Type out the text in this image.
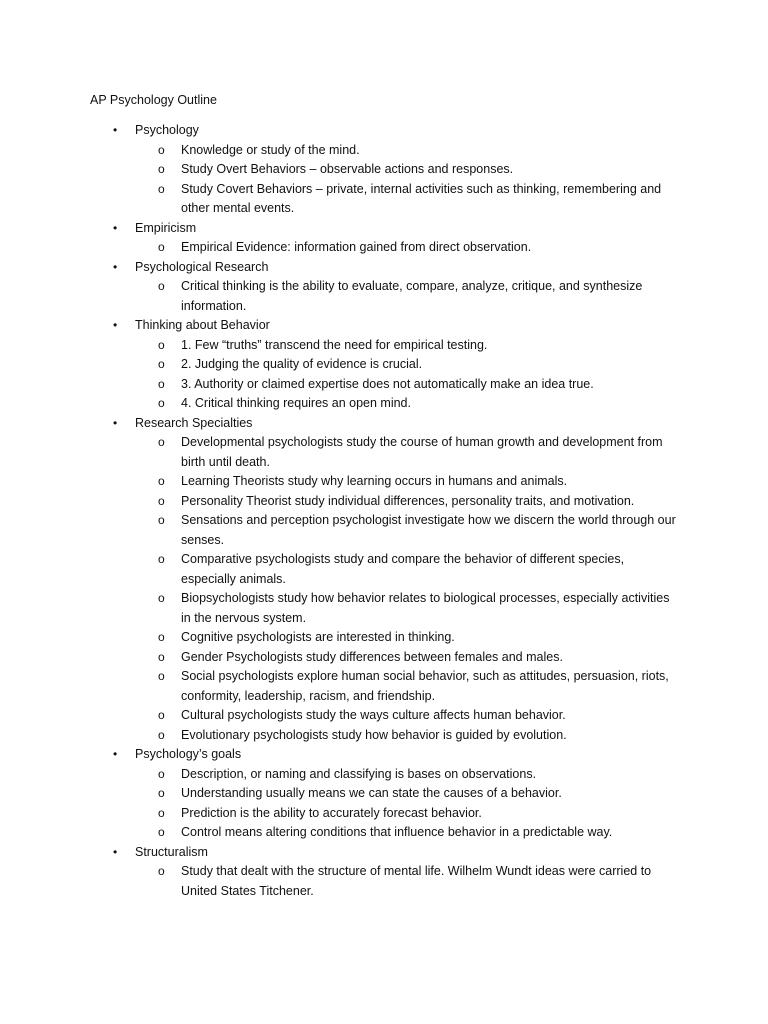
AP Psychology Outline
•	Psychology
o Knowledge or study of the mind.
o Study Overt Behaviors – observable actions and responses.
o Study Covert Behaviors – private, internal activities such as thinking, remembering and other mental events.
•	Empiricism
o Empirical Evidence: information gained from direct observation.
•	Psychological Research
o Critical thinking is the ability to evaluate, compare, analyze, critique, and synthesize information.
•	Thinking about Behavior
o 1. Few “truths” transcend the need for empirical testing.
o 2. Judging the quality of evidence is crucial.
o 3. Authority or claimed expertise does not automatically make an idea true.
o 4. Critical thinking requires an open mind.
•	Research Specialties
o Developmental psychologists study the course of human growth and development from birth until death.
o Learning Theorists study why learning occurs in humans and animals.
o Personality Theorist study individual differences, personality traits, and motivation.
o Sensations and perception psychologist investigate how we discern the world through our senses.
o Comparative psychologists study and compare the behavior of different species, especially animals.
o Biopsychologists study how behavior relates to biological processes, especially activities in the nervous system.
o Cognitive psychologists are interested in thinking.
o Gender Psychologists study differences between females and males.
o Social psychologists explore human social behavior, such as attitudes, persuasion, riots, conformity, leadership, racism, and friendship.
o Cultural psychologists study the ways culture affects human behavior.
o Evolutionary psychologists study how behavior is guided by evolution.
•	Psychology’s goals
o Description, or naming and classifying is bases on observations.
o Understanding usually means we can state the causes of a behavior.
o Prediction is the ability to accurately forecast behavior.
o Control means altering conditions that influence behavior in a predictable way.
•	Structuralism
o Study that dealt with the structure of mental life. Wilhelm Wundt ideas were carried to United States Titchener.
